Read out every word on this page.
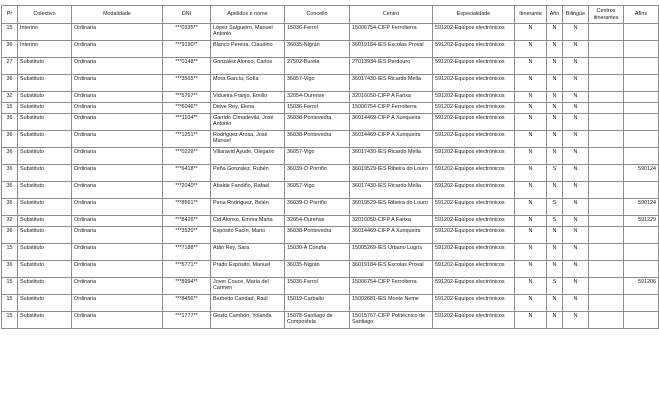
Pr	Colectivo	Modalidade	DNI	Apelidos e nome	Concello	Centro	Especialidade	Itinerante	Afín	Bilingüe	Centros itinerantes	Afíns
15	Interino	Ordinaria	***0335**	López Salgueiro, Manuel Antonio	15036-Ferrol	15006754-CIFP Ferrolterra	591202-Equipos electrónicos	N	N	N		
36	Interino	Ordinaria	***9190**	Blanco Pereira, Claudino	36035-Nigrán	36019184-IES Escolas Proval	591202-Equipos electrónicos	N	N	N		
27	Substituto	Ordinaria	***0148**	González Alonso, Carlos	27502-Burela	27013934-IES Perdouro	591202-Equipos electrónicos	N	N	N		
36	Substituto	Ordinaria	***3565**	Mora García, Sofía	36057-Vigo	36017430-IES Ricardo Mella	591202-Equipos electrónicos	N	N	N		
32	Substituto	Ordinaria	***5797**	Vidueira Franjo, Emilio	32054-Ourense	32016050-CIFP A Farixa	591202-Equipos electrónicos	N	N	N		
15	Substituto	Ordinaria	***6046**	Deive Rey, Elena	15036-Ferrol	15006754-CIFP Ferrolterra	591202-Equipos electrónicos	N	N	N		
36	Substituto	Ordinaria	***1104**	Garrido Cimadevila, José Antonio	36038-Pontevedra	36014469-CIFP A Xunqueira	591202-Equipos electrónicos	N	N	N		
36	Substituto	Ordinaria	***1251**	Rodríguez Arosa, José Manuel	36038-Pontevedra	36014469-CIFP A Xunqueira	591202-Equipos electrónicos	N	N	N		
36	Substituto	Ordinaria	***0229**	Villaravid Ayude, Olegario	36057-Vigo	36017430-IES Ricardo Mella	591202-Equipos electrónicos	N	N	N		
36	Substituto	Ordinaria	***6418**	Peña Gonzalez, Rubén	36039-O Porriño	36019529-IES Ribeira do Louro	591202-Equipos electrónicos	N	S	N		590124
36	Substituto	Ordinaria	***2040**	Abalde Fandiño, Rafael	36057-Vigo	36017430-IES Ricardo Mella	591202-Equipos electrónicos	N	N	N		
36	Substituto	Ordinaria	***8561**	Pena Rodríguez, Belén	36039-O Porriño	36019529-IES Ribeira do Louro	591202-Equipos electrónicos	N	S	N		590124
32	Substituto	Ordinaria	***8426**	Cid Alonso, Emma Marta	32054-Ourense	32016050-CIFP A Farixa	591202-Equipos electrónicos	N	S	N		591229
36	Substituto	Ordinaria	***3520**	Expósito Facín, Mario	36038-Pontevedra	36014469-CIFP A Xunqueira	591202-Equipos electrónicos	N	N	N		
15	Substituto	Ordinaria	***7188**	Atán Rey, Sara	15030-A Coruña	15005269-IES Urbano Lugrís	591202-Equipos electrónicos	N	N	N		
36	Substituto	Ordinaria	***5771**	Prado Expósito, Manuel	36035-Nigrán	36019184-IES Escolas Proval	591202-Equipos electrónicos	N	N	N		
15	Substituto	Ordinaria	***8994**	Jover Couce, María del Carmen	15036-Ferrol	15006754-CIFP Ferrolterra	591202-Equipos electrónicos	N	S	N		591206
15	Substituto	Ordinaria	***8456**	Barbeito Caridad, Raúl	15019-Carballo	15002681-IES Monte Neme	591202-Equipos electrónicos	N	N	N		
15	Substituto	Ordinaria	***1777**	Gesto Cambón, Yolanda	15078-Santiago de Compostela	15015767-CIFP Politécnico de Santiago	591202-Equipos electrónicos	N	N	N		
